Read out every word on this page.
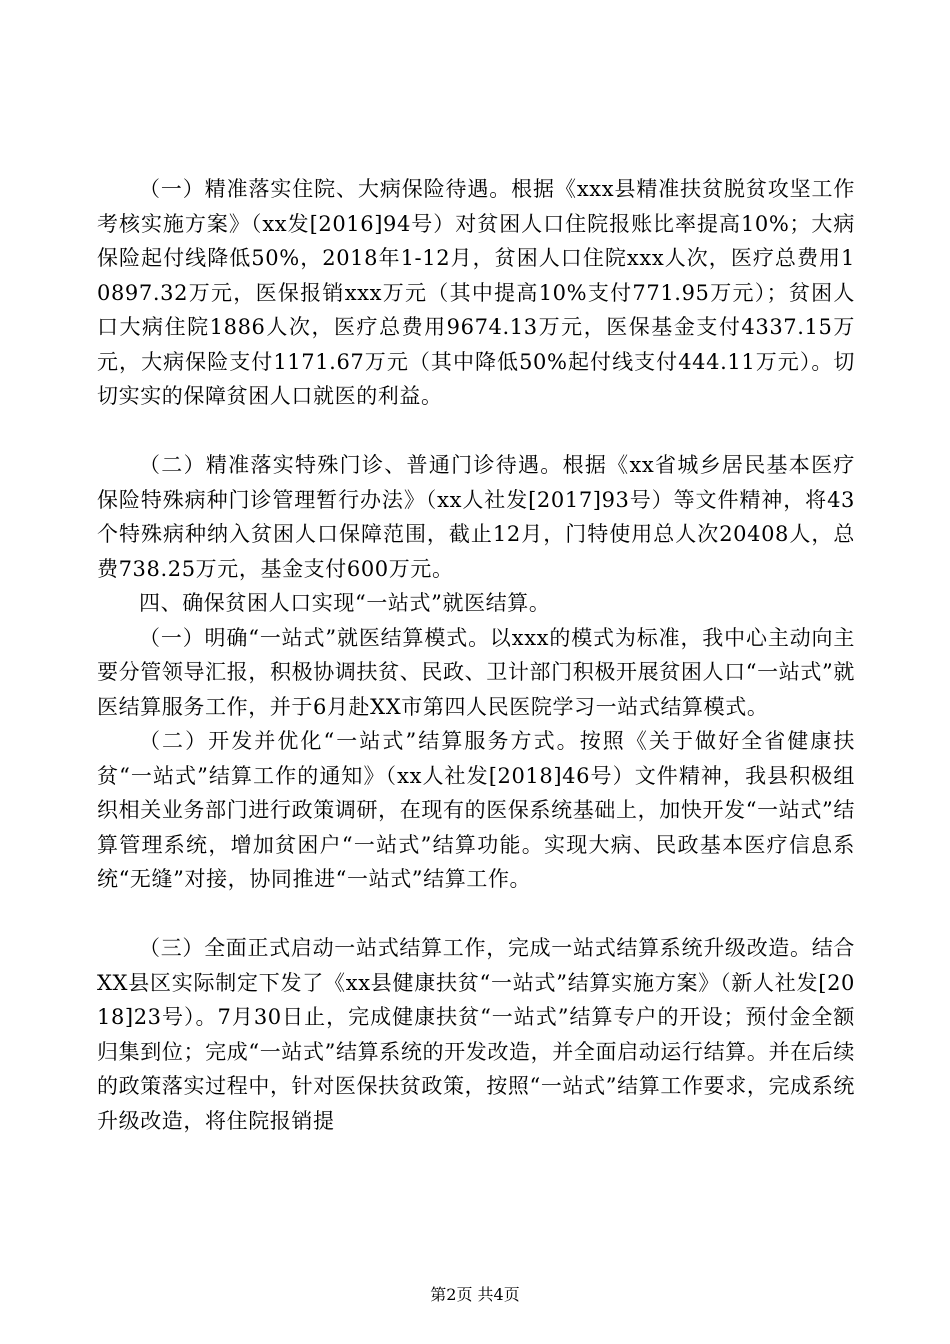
（一）精准落实住院、大病保险待遇。根据《xxx县精准扶贫脱贫攻坚工作考核实施方案》（xx发[2016]94号）对贫困人口住院报账比率提高10%；大病保险起付线降低50%，2018年1-12月，贫困人口住院xxx人次，医疗总费用10897.32万元，医保报销xxx万元（其中提高10%支付771.95万元）；贫困人口大病住院1886人次，医疗总费用9674.13万元，医保基金支付4337.15万元，大病保险支付1171.67万元（其中降低50%起付线支付444.11万元）。切切实实的保障贫困人口就医的利益。

（二）精准落实特殊门诊、普通门诊待遇。根据《xx省城乡居民基本医疗保险特殊病种门诊管理暂行办法》（xx人社发[2017]93号）等文件精神，将43个特殊病种纳入贫困人口保障范围，截止12月，门特使用总人次20408人，总费738.25万元，基金支付600万元。

四、确保贫困人口实现“一站式”就医结算。

（一）明确“一站式”就医结算模式。以xxx的模式为标准，我中心主动向主要分管领导汇报，积极协调扶贫、民政、卫计部门积极开展贫困人口“一站式”就医结算服务工作，并于6月赴XX市第四人民医院学习一站式结算模式。

（二）开发并优化“一站式”结算服务方式。按照《关于做好全省健康扶贫“一站式”结算工作的通知》（xx人社发[2018]46号）文件精神，我县积极组织相关业务部门进行政策调研，在现有的医保系统基础上，加快开发“一站式”结算管理系统，增加贫困户“一站式”结算功能。实现大病、民政基本医疗信息系统“无缝”对接，协同推进“一站式”结算工作。

（三）全面正式启动一站式结算工作，完成一站式结算系统升级改造。结合XX县区实际制定下发了《xx县健康扶贫“一站式”结算实施方案》（新人社发[2018]23号）。7月30日止，完成健康扶贫“一站式”结算专户的开设；预付金全额归集到位；完成“一站式”结算系统的开发改造，并全面启动运行结算。并在后续的政策落实过程中，针对医保扶贫政策，按照“一站式”结算工作要求，完成系统升级改造，将住院报销提

第2页 共4页
